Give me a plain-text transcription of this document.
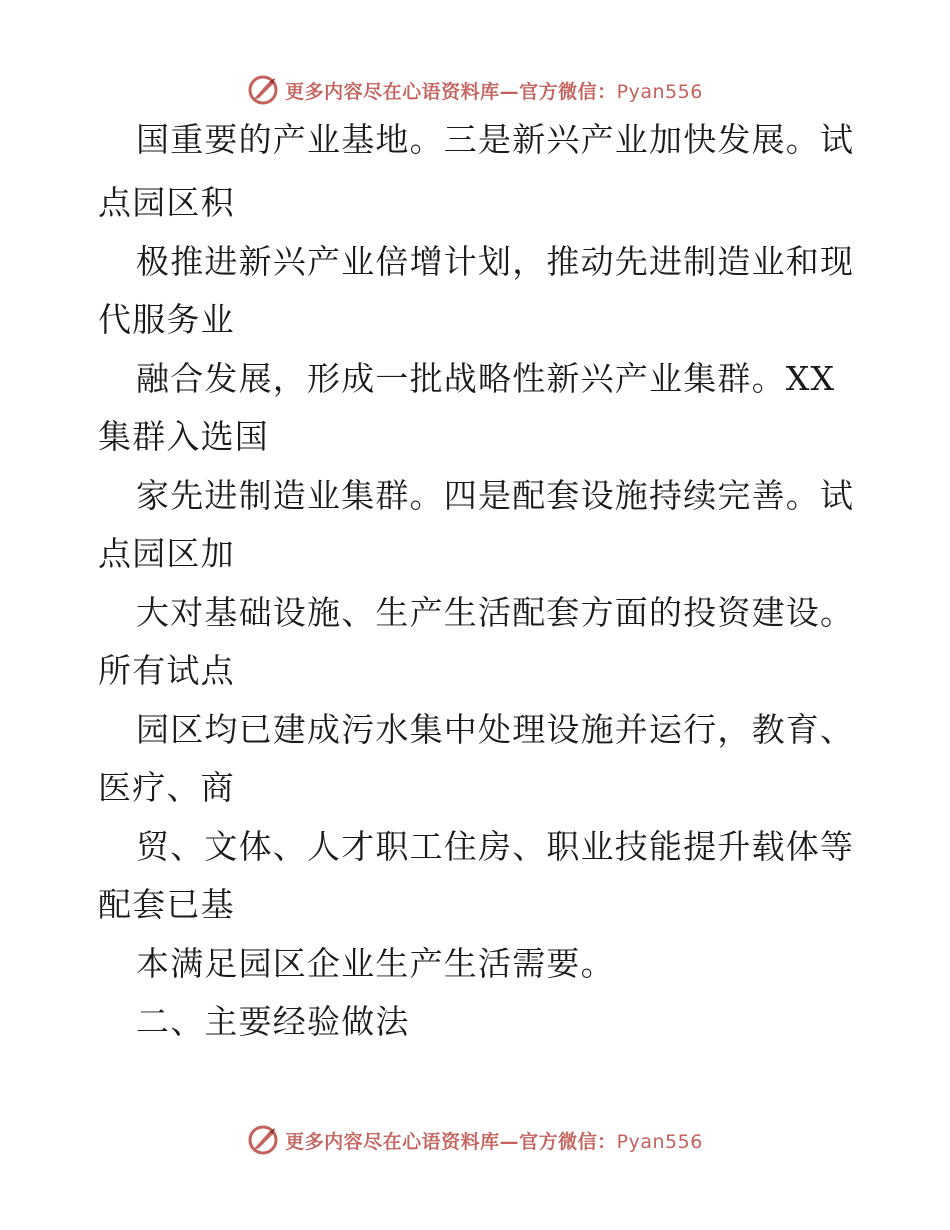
更多内容尽在心语资料库—官方微信：Pyan556
国重要的产业基地。三是新兴产业加快发展。试
点园区积
极推进新兴产业倍增计划，推动先进制造业和现
代服务业
融合发展，形成一批战略性新兴产业集群。XX
集群入选国
家先进制造业集群。四是配套设施持续完善。试
点园区加
大对基础设施、生产生活配套方面的投资建设。
所有试点
园区均已建成污水集中处理设施并运行，教育、
医疗、商
贸、文体、人才职工住房、职业技能提升载体等
配套已基
本满足园区企业生产生活需要。
二、主要经验做法
更多内容尽在心语资料库—官方微信：Pyan556
